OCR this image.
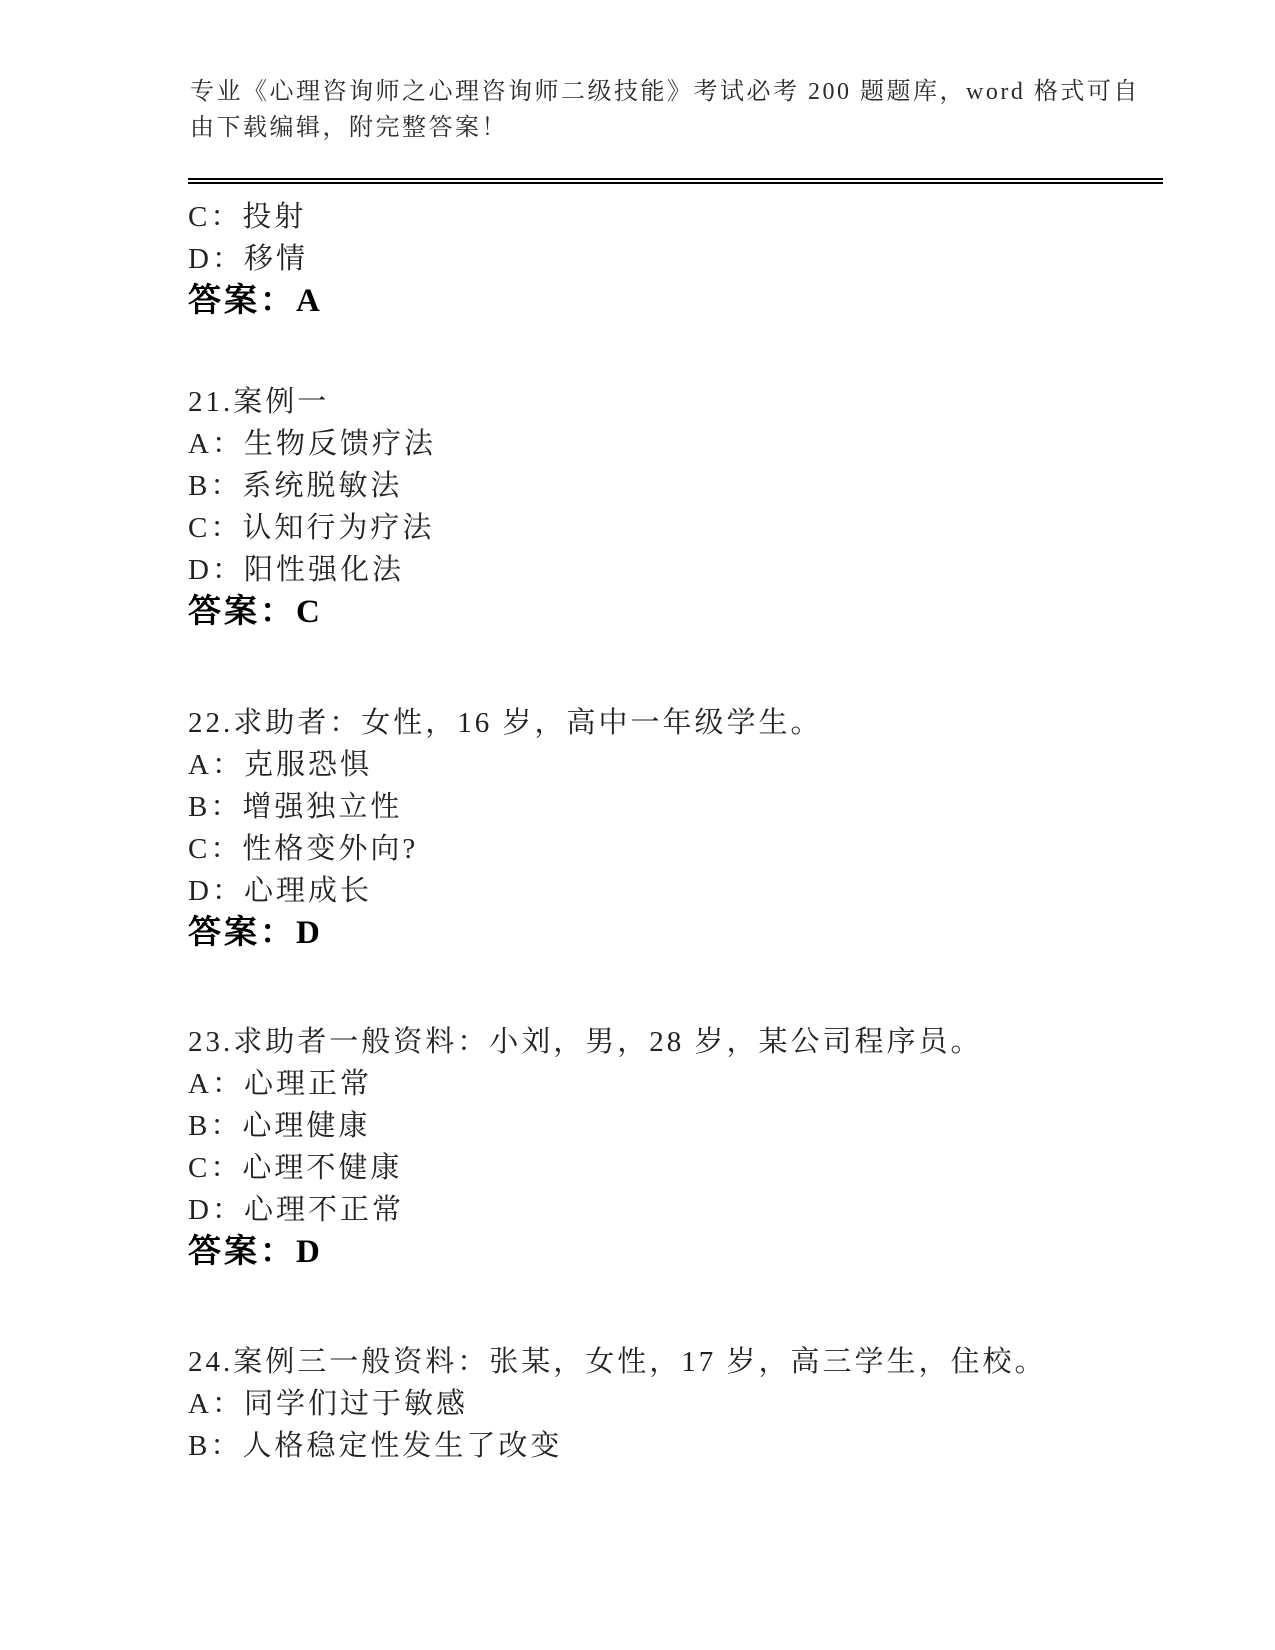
专业《心理咨询师之心理咨询师二级技能》考试必考 200 题题库，word 格式可自
由下载编辑，附完整答案！
C：投射
D：移情
答案：A
21.案例一
A：生物反馈疗法
B：系统脱敏法
C：认知行为疗法
D：阳性强化法
答案：C
22.求助者：女性，16 岁，高中一年级学生。
A：克服恐惧
B：增强独立性
C：性格变外向?
D：心理成长
答案：D
23.求助者一般资料：小刘，男，28 岁，某公司程序员。
A：心理正常
B：心理健康
C：心理不健康
D：心理不正常
答案：D
24.案例三一般资料：张某，女性，17 岁，高三学生，住校。
A：同学们过于敏感
B：人格稳定性发生了改变
